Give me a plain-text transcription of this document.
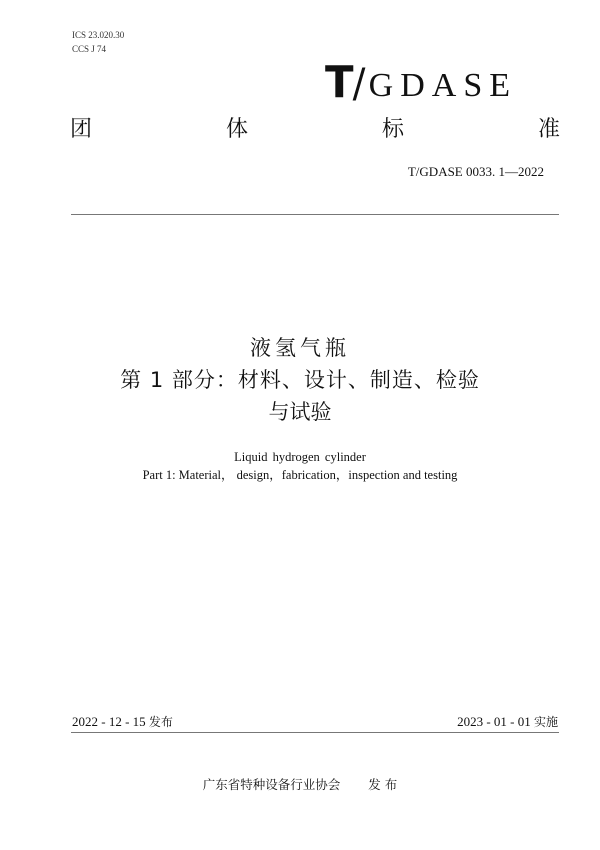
ICS 23.020.30
CCS J 74
T/ GDASE
团	体	标	准
T/GDASE 0033. 1—2022
液氢气瓶
第 1 部分：材料、设计、制造、检验
与试验
Liquid hydrogen cylinder
Part 1: Material， design，fabrication，inspection and testing
2022 - 12 - 15 发布	2023 - 01 - 01 实施
广东省特种设备行业协会 发 布
